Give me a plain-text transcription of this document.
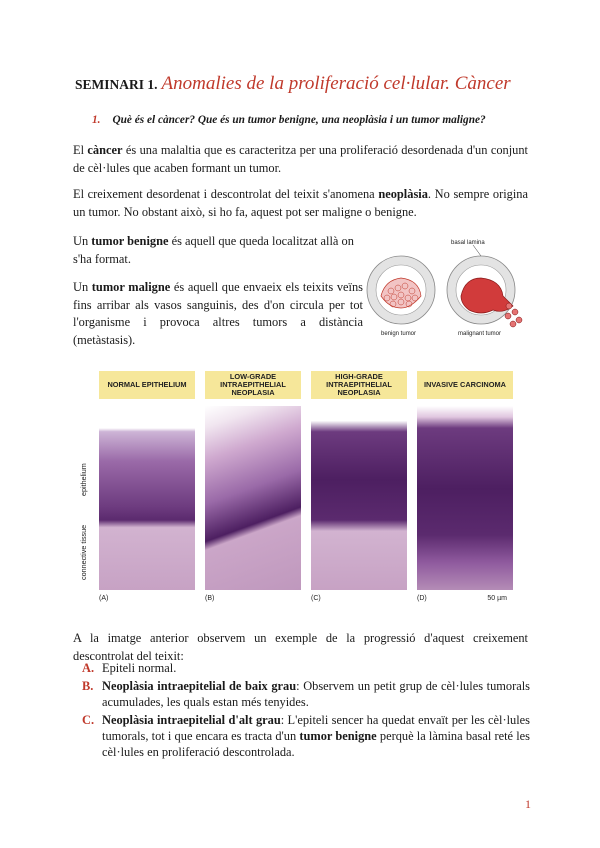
SEMINARI 1. Anomalies de la proliferació cel·lular. Càncer
1. Què és el càncer? Que és un tumor benigne, una neoplàsia i un tumor maligne?

El càncer és una malaltia que es caracteritza per una proliferació desordenada d'un conjunt de cèl·lules que acaben formant un tumor.

El creixement desordenat i descontrolat del teixit s'anomena neoplàsia. No sempre origina un tumor. No obstant això, si ho fa, aquest pot ser maligne o benigne.

Un tumor benigne és aquell que queda localitzat allà on s'ha format.

Un tumor maligne és aquell que envaeix els teixits veïns fins arribar als vasos sanguinis, des d'on circula per tot l'organisme i provoca altres tumors a distància (metàstasis).

basal lamina
benign tumor	malignant tumor
epithelium
connective tissue
NORMAL EPITHELIUM
(A)
LOW-GRADE INTRAEPITHELIAL NEOPLASIA
(B)
HIGH-GRADE INTRAEPITHELIAL NEOPLASIA
(C)
INVASIVE CARCINOMA
(D)	50 µm

A la imatge anterior observem un exemple de la progressió d'aquest creixement descontrolat del teixit:

A. Epiteli normal.
B. Neoplàsia intraepitelial de baix grau: Observem un petit grup de cèl·lules tumorals acumulades, les quals estan més tenyides.
C. Neoplàsia intraepitelial d'alt grau: L'epiteli sencer ha quedat envaït per les cèl·lules tumorals, tot i que encara es tracta d'un tumor benigne perquè la làmina basal reté les cèl·lules en proliferació descontrolada.
1
